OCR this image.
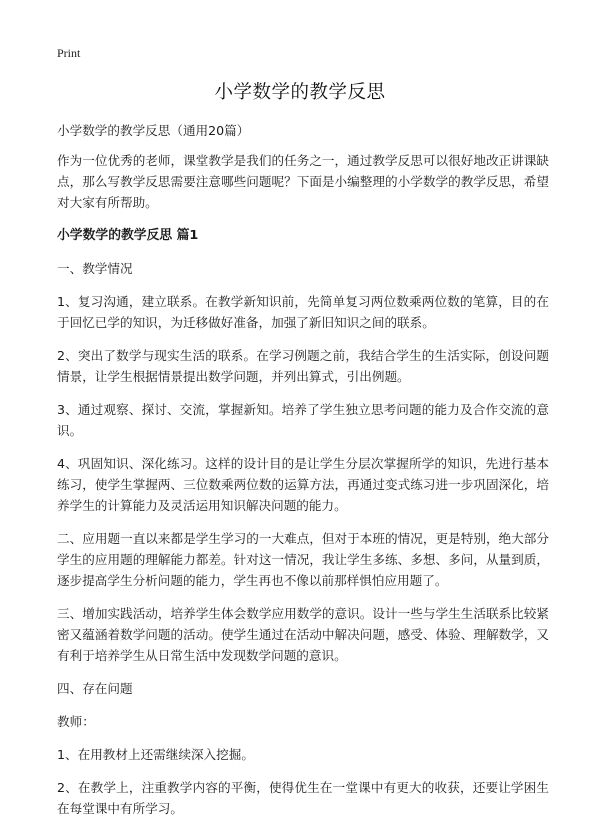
Print
小学数学的教学反思

小学数学的教学反思（通用20篇）

作为一位优秀的老师，课堂教学是我们的任务之一，通过教学反思可以很好地改正讲课缺点，那么写教学反思需要注意哪些问题呢？下面是小编整理的小学数学的教学反思，希望对大家有所帮助。

小学数学的教学反思 篇1

一、教学情况

1、复习沟通，建立联系。在教学新知识前，先简单复习两位数乘两位数的笔算，目的在于回忆已学的知识，为迁移做好准备，加强了新旧知识之间的联系。

2、突出了数学与现实生活的联系。在学习例题之前，我结合学生的生活实际，创设问题情景，让学生根据情景提出数学问题，并列出算式，引出例题。

3、通过观察、探讨、交流，掌握新知。培养了学生独立思考问题的能力及合作交流的意识。

4、巩固知识、深化练习。这样的设计目的是让学生分层次掌握所学的知识，先进行基本练习，使学生掌握两、三位数乘两位数的运算方法，再通过变式练习进一步巩固深化，培养学生的计算能力及灵活运用知识解决问题的能力。

二、应用题一直以来都是学生学习的一大难点，但对于本班的情况，更是特别，绝大部分学生的应用题的理解能力都差。针对这一情况，我让学生多练、多想、多问，从量到质，逐步提高学生分析问题的能力，学生再也不像以前那样惧怕应用题了。

三、增加实践活动，培养学生体会数学应用数学的意识。设计一些与学生生活联系比较紧密又蕴涵着数学问题的活动。使学生通过在活动中解决问题，感受、体验、理解数学，又有利于培养学生从日常生活中发现数学问题的意识。

四、存在问题

教师：

1、在用教材上还需继续深入挖掘。

2、在教学上，注重教学内容的平衡，使得优生在一堂课中有更大的收获，还要让学困生在每堂课中有所学习。
